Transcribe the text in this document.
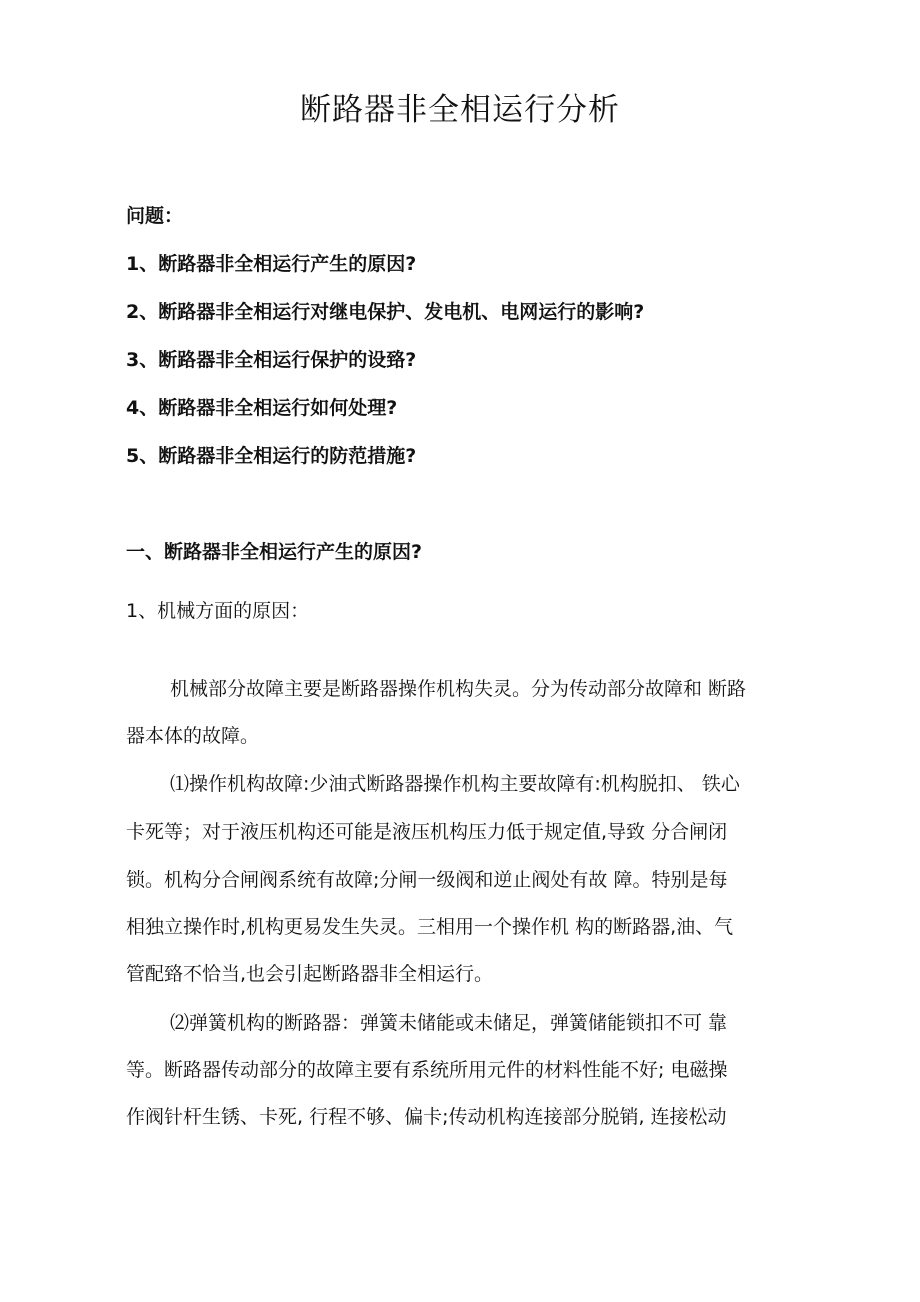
断路器非全相运行分析
问题：
1、断路器非全相运行产生的原因?
2、断路器非全相运行对继电保护、发电机、电网运行的影响?
3、断路器非全相运行保护的设臵?
4、断路器非全相运行如何处理?
5、断路器非全相运行的防范措施?
一、断路器非全相运行产生的原因?
1、机械方面的原因：
机械部分故障主要是断路器操作机构失灵。分为传动部分故障和 断路
器本体的故障。
⑴操作机构故障:少油式断路器操作机构主要故障有:机构脱扣、 铁心
卡死等；对于液压机构还可能是液压机构压力低于规定值,导致 分合闸闭
锁。机构分合闸阀系统有故障;分闸一级阀和逆止阀处有故 障。特别是每
相独立操作时,机构更易发生失灵。三相用一个操作机 构的断路器,油、气
管配臵不恰当,也会引起断路器非全相运行。
⑵弹簧机构的断路器：弹簧未储能或未储足，弹簧储能锁扣不可 靠
等。断路器传动部分的故障主要有系统所用元件的材料性能不好; 电磁操
作阀针杆生锈、卡死, 行程不够、偏卡;传动机构连接部分脱销, 连接松动
